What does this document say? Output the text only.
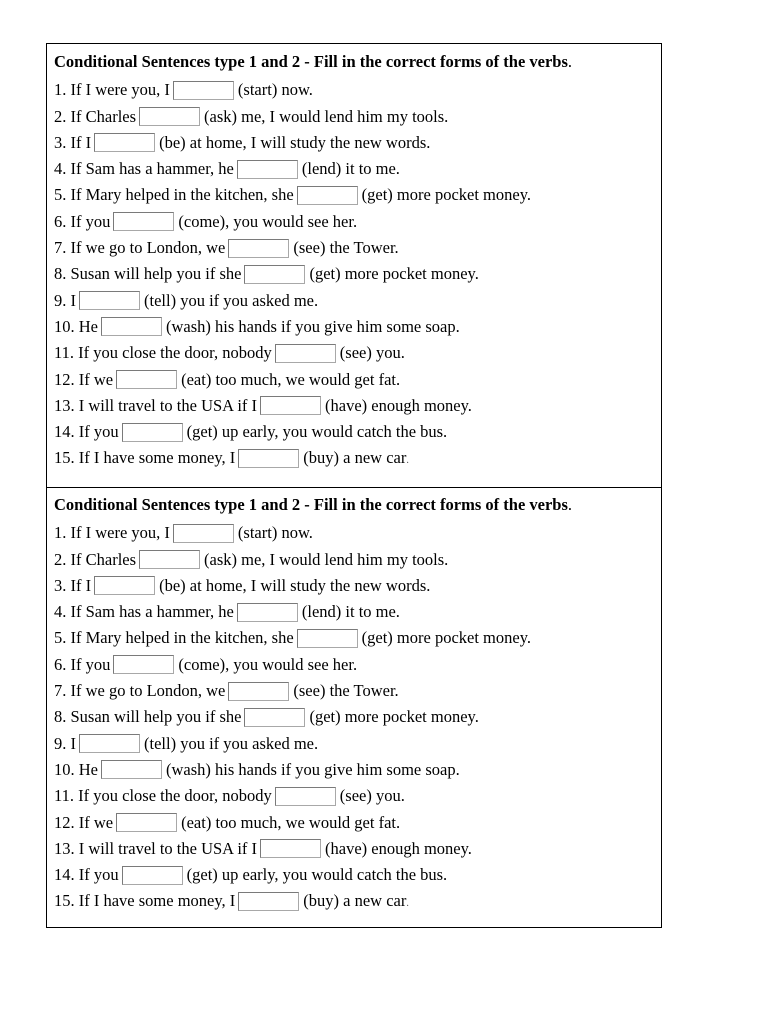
Conditional Sentences type 1 and 2 - Fill in the correct forms of the verbs.
1. If I were you, I	(start) now.
2. If Charles	(ask) me, I would lend him my tools.
3. If I	(be) at home, I will study the new words.
4. If Sam has a hammer, he	(lend) it to me.
5. If Mary helped in the kitchen, she	(get) more pocket money.
6. If you	(come), you would see her.
7. If we go to London, we	(see) the Tower.
8. Susan will help you if she	(get) more pocket money.
9. I	(tell) you if you asked me.
10. He	(wash) his hands if you give him some soap.
11. If you close the door, nobody	(see) you.
12. If we	(eat) too much, we would get fat.
13. I will travel to the USA if I	(have) enough money.
14. If you	(get) up early, you would catch the bus.
15. If I have some money, I	(buy) a new car.
Conditional Sentences type 1 and 2 - Fill in the correct forms of the verbs.
1. If I were you, I	(start) now.
2. If Charles	(ask) me, I would lend him my tools.
3. If I	(be) at home, I will study the new words.
4. If Sam has a hammer, he	(lend) it to me.
5. If Mary helped in the kitchen, she	(get) more pocket money.
6. If you	(come), you would see her.
7. If we go to London, we	(see) the Tower.
8. Susan will help you if she	(get) more pocket money.
9. I	(tell) you if you asked me.
10. He	(wash) his hands if you give him some soap.
11. If you close the door, nobody	(see) you.
12. If we	(eat) too much, we would get fat.
13. I will travel to the USA if I	(have) enough money.
14. If you	(get) up early, you would catch the bus.
15. If I have some money, I	(buy) a new car.
